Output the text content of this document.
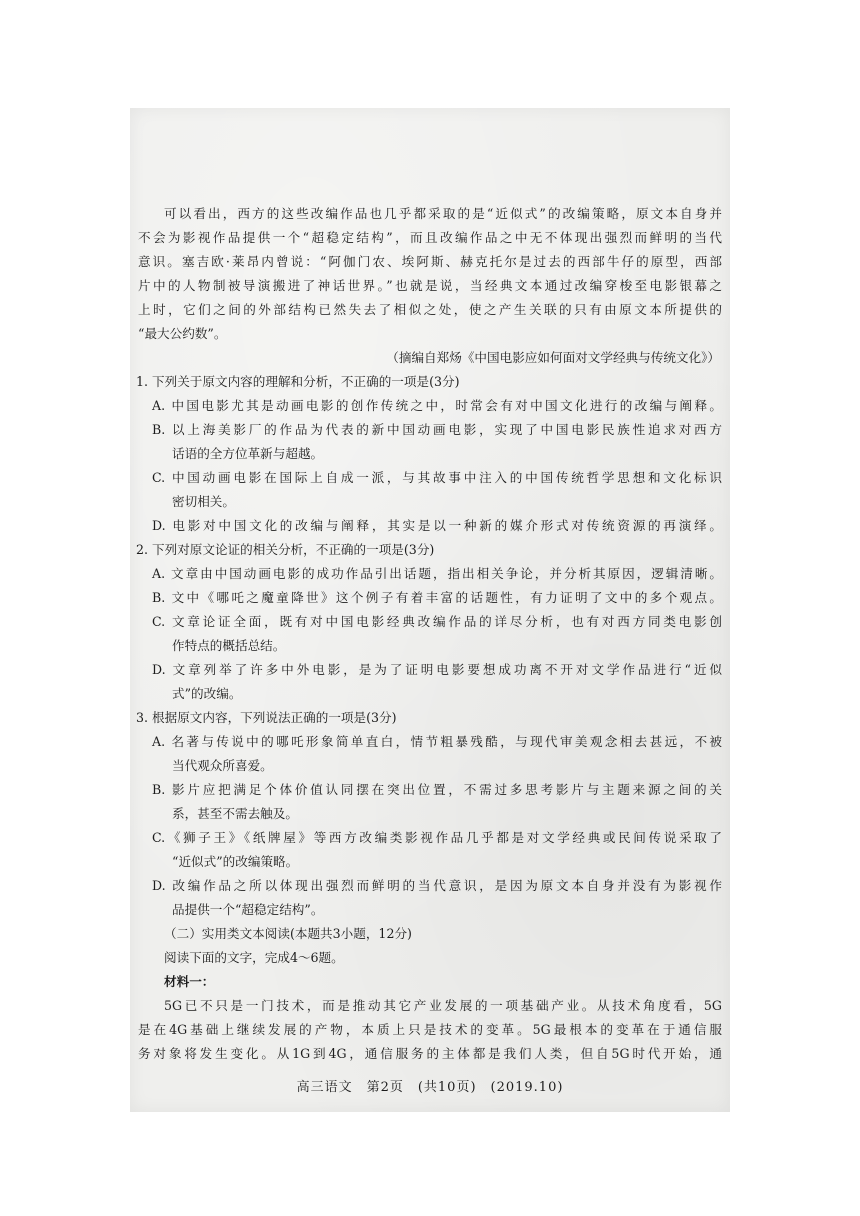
可以看出，西方的这些改编作品也几乎都采取的是“近似式”的改编策略，原文本自身并
不会为影视作品提供一个“超稳定结构”，而且改编作品之中无不体现出强烈而鲜明的当代
意识。塞吉欧·莱昂内曾说：“阿伽门农、埃阿斯、赫克托尔是过去的西部牛仔的原型，西部
片中的人物制被导演搬进了神话世界。”也就是说，当经典文本通过改编穿梭至电影银幕之
上时，它们之间的外部结构已然失去了相似之处，使之产生关联的只有由原文本所提供的
“最大公约数”。
（摘编自郑炀《中国电影应如何面对文学经典与传统文化》）
1. 下列关于原文内容的理解和分析，不正确的一项是(3分)
A. 中国电影尤其是动画电影的创作传统之中，时常会有对中国文化进行的改编与阐释。
B. 以上海美影厂的作品为代表的新中国动画电影，实现了中国电影民族性追求对西方
话语的全方位革新与超越。
C. 中国动画电影在国际上自成一派，与其故事中注入的中国传统哲学思想和文化标识
密切相关。
D. 电影对中国文化的改编与阐释，其实是以一种新的媒介形式对传统资源的再演绎。
2. 下列对原文论证的相关分析，不正确的一项是(3分)
A. 文章由中国动画电影的成功作品引出话题，指出相关争论，并分析其原因，逻辑清晰。
B. 文中《哪吒之魔童降世》这个例子有着丰富的话题性，有力证明了文中的多个观点。
C. 文章论证全面，既有对中国电影经典改编作品的详尽分析，也有对西方同类电影创
作特点的概括总结。
D. 文章列举了许多中外电影，是为了证明电影要想成功离不开对文学作品进行“近似
式”的改编。
3. 根据原文内容，下列说法正确的一项是(3分)
A. 名著与传说中的哪吒形象简单直白，情节粗暴残酷，与现代审美观念相去甚远，不被
当代观众所喜爱。
B. 影片应把满足个体价值认同摆在突出位置，不需过多思考影片与主题来源之间的关
系，甚至不需去触及。
C.《狮子王》《纸牌屋》等西方改编类影视作品几乎都是对文学经典或民间传说采取了
“近似式”的改编策略。
D. 改编作品之所以体现出强烈而鲜明的当代意识，是因为原文本自身并没有为影视作
品提供一个“超稳定结构”。
（二）实用类文本阅读(本题共3小题，12分)
阅读下面的文字，完成4～6题。
材料一：
5G已不只是一门技术，而是推动其它产业发展的一项基础产业。从技术角度看，5G
是在4G基础上继续发展的产物，本质上只是技术的变革。5G最根本的变革在于通信服
务对象将发生变化。从1G到4G，通信服务的主体都是我们人类，但自5G时代开始，通
高三语文　第2页　(共10页)　(2019.10)
